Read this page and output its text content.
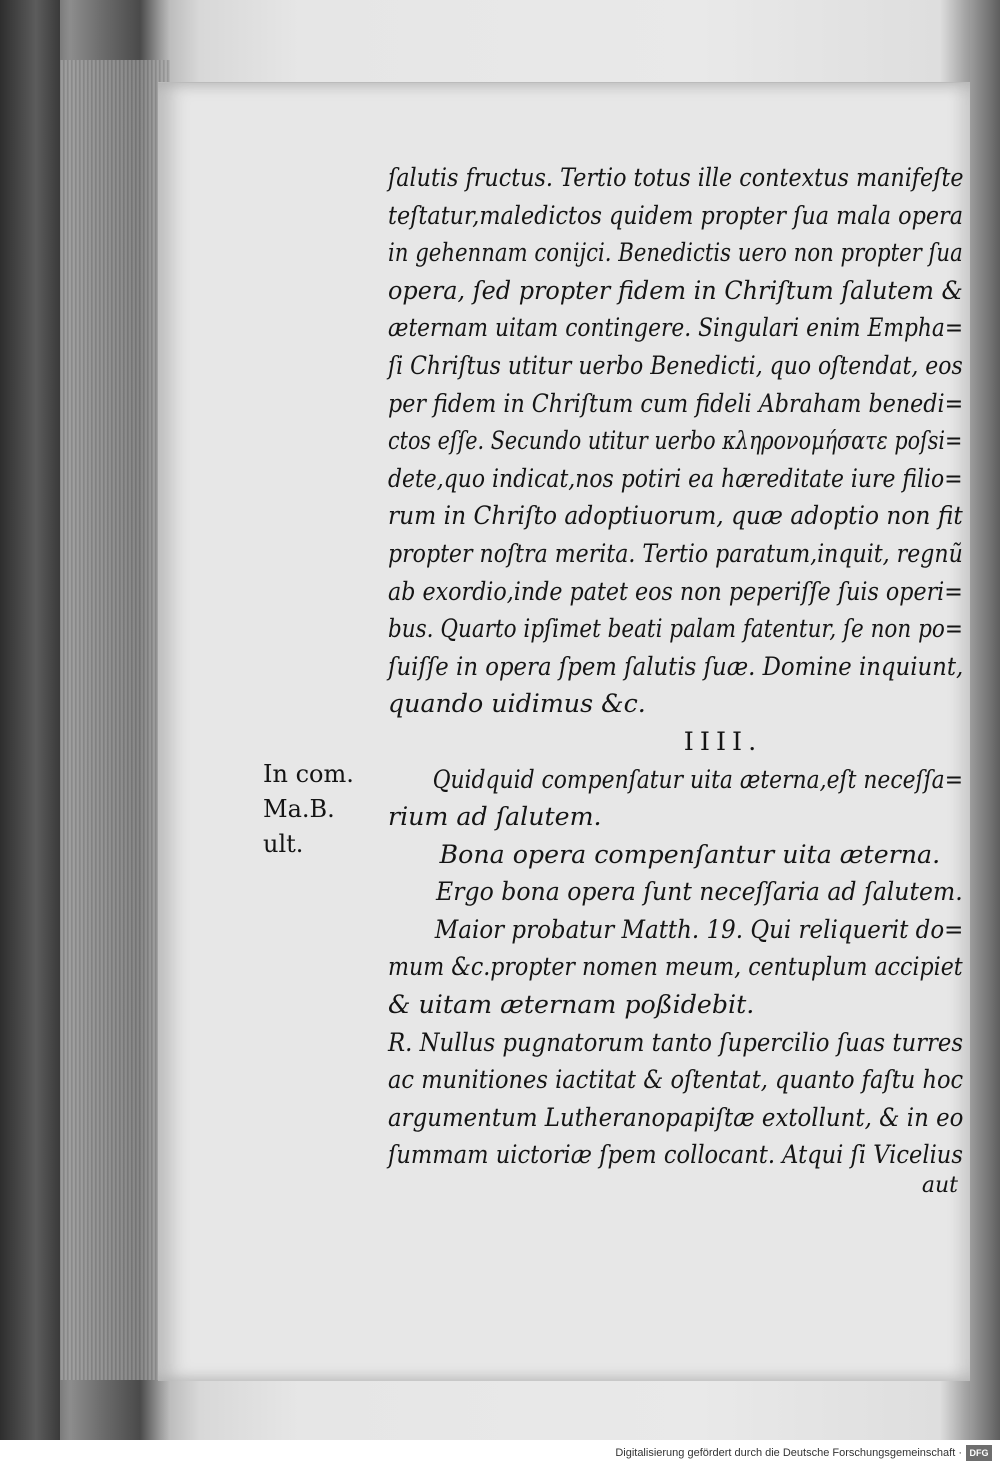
In com.
Ma.B.
ult.
ſalutis fructus. Tertio totus ille contextus manifeſte
teſtatur,maledictos quidem propter ſua mala opera
in gehennam conijci. Benedictis uero non propter ſua
opera, ſed propter fidem in Chriſtum ſalutem &
æternam uitam contingere. Singulari enim Empha=
ſi Chriſtus utitur uerbo Benedicti, quo oſtendat, eos
per fidem in Chriſtum cum fideli Abraham benedi=
ctos eſſe. Secundo utitur uerbo κληρονομήσατε poſsi=
dete,quo indicat,nos potiri ea hæreditate iure filio=
rum in Chriſto adoptiuorum, quæ adoptio non fit
propter noſtra merita. Tertio paratum,inquit, regnũ
ab exordio,inde patet eos non peperiſſe ſuis operi=
bus. Quarto ipſimet beati palam fatentur, ſe non po=
ſuiſſe in opera ſpem ſalutis ſuæ. Domine inquiunt,
quando uidimus &c.
IIII.
Quidquid compenſatur uita æterna,eſt neceſſa=
rium ad ſalutem.
Bona opera compenſantur uita æterna.
Ergo bona opera ſunt neceſſaria ad ſalutem.
Maior probatur Matth. 19. Qui reliquerit do=
mum &c.propter nomen meum, centuplum accipiet
& uitam æternam poßidebit.
R. Nullus pugnatorum tanto ſupercilio ſuas turres
ac munitiones iactitat & oſtentat, quanto faſtu hoc
argumentum Lutheranopapiſtæ extollunt, & in eo
ſummam uictoriæ ſpem collocant. Atqui ſi Vicelius
aut
Digitalisierung gefördert durch die Deutsche Forschungsgemeinschaft · DFG
